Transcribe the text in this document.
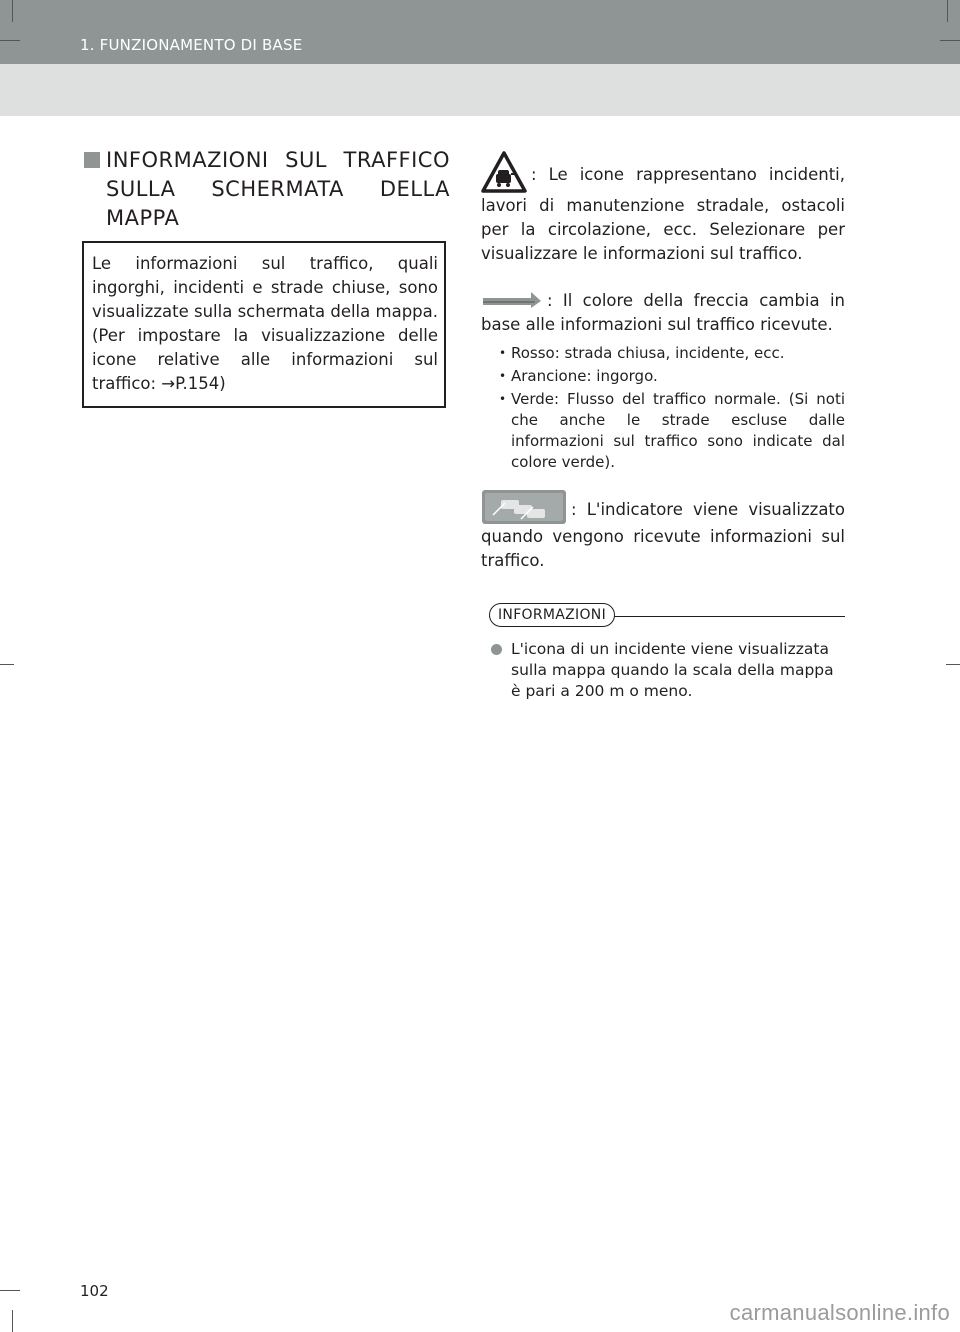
1. FUNZIONAMENTO DI BASE
INFORMAZIONI SUL TRAFFICO SULLA SCHERMATA DELLA
MAPPA
Le informazioni sul traffico, quali ingorghi, incidenti e strade chiuse, sono visualizzate sulla schermata della mappa. (Per impostare la visualizzazione delle icone relative alle informazioni sul traffico: →P.154)

: Le icone rappresentano incidenti, lavori di manutenzione stradale, ostacoli per la circolazione, ecc. Selezionare per visualizzare le informazioni sul traffico.

: Il colore della freccia cambia in base alle informazioni sul traffico ricevute.

• Rosso: strada chiusa, incidente, ecc.
• Arancione: ingorgo.
• Verde: Flusso del traffico normale. (Si noti che anche le strade escluse dalle informazioni sul traffico sono indicate dal colore verde).

: L'indicatore viene visualizzato quando vengono ricevute informazioni sul traffico.

INFORMAZIONI
L'icona di un incidente viene visualizzata sulla mappa quando la scala della mappa è pari a 200 m o meno.
102
carmanualsonline.info
